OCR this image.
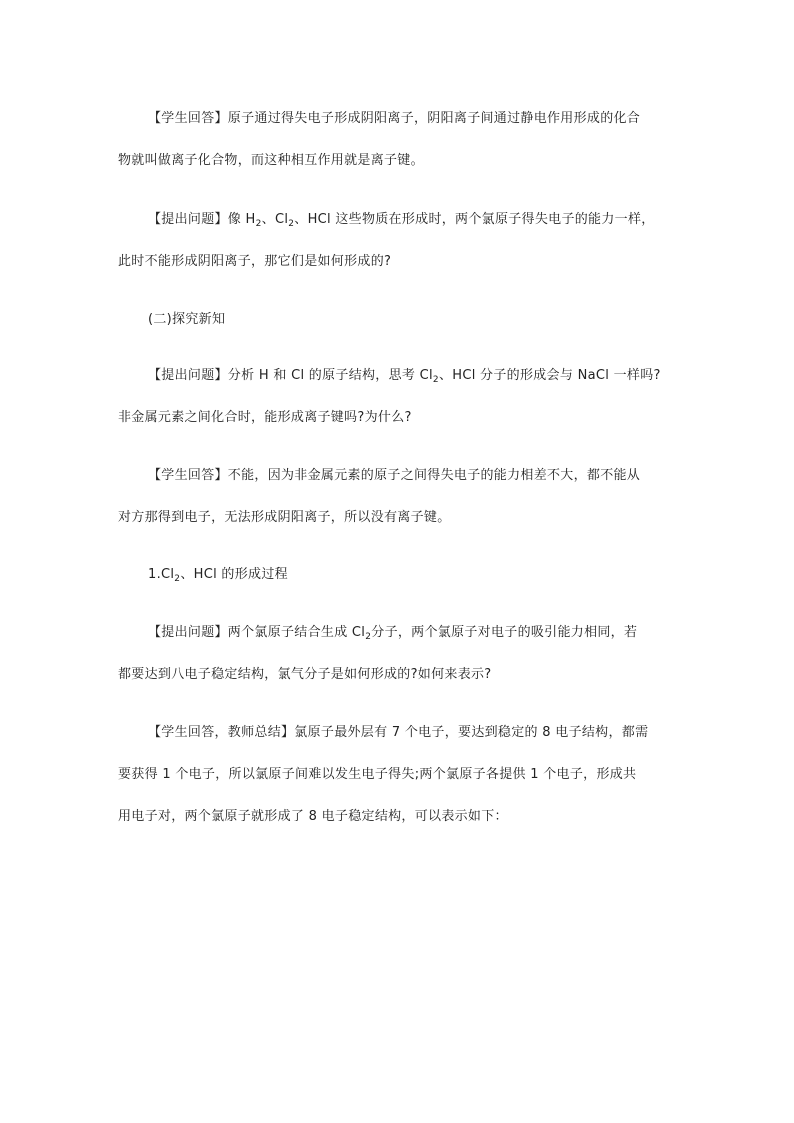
【学生回答】原子通过得失电子形成阴阳离子，阴阳离子间通过静电作用形成的化合
物就叫做离子化合物，而这种相互作用就是离子键。
【提出问题】像 $H_2$、$Cl_2$、HCl 这些物质在形成时，两个氯原子得失电子的能力一样，
此时不能形成阴阳离子，那它们是如何形成的?
(二)探究新知
【提出问题】分析 H 和 Cl 的原子结构，思考 $Cl_2$、HCl 分子的形成会与 NaCl 一样吗?
非金属元素之间化合时，能形成离子键吗?为什么?
【学生回答】不能，因为非金属元素的原子之间得失电子的能力相差不大，都不能从
对方那得到电子，无法形成阴阳离子，所以没有离子键。
$1.Cl_2$、HCl 的形成过程
【提出问题】两个氯原子结合生成 $Cl_2$分子，两个氯原子对电子的吸引能力相同，若
都要达到八电子稳定结构，氯气分子是如何形成的?如何来表示?
【学生回答，教师总结】氯原子最外层有 7 个电子，要达到稳定的 8 电子结构，都需
要获得 1 个电子，所以氯原子间难以发生电子得失;两个氯原子各提供 1 个电子，形成共
用电子对，两个氯原子就形成了 8 电子稳定结构，可以表示如下：
